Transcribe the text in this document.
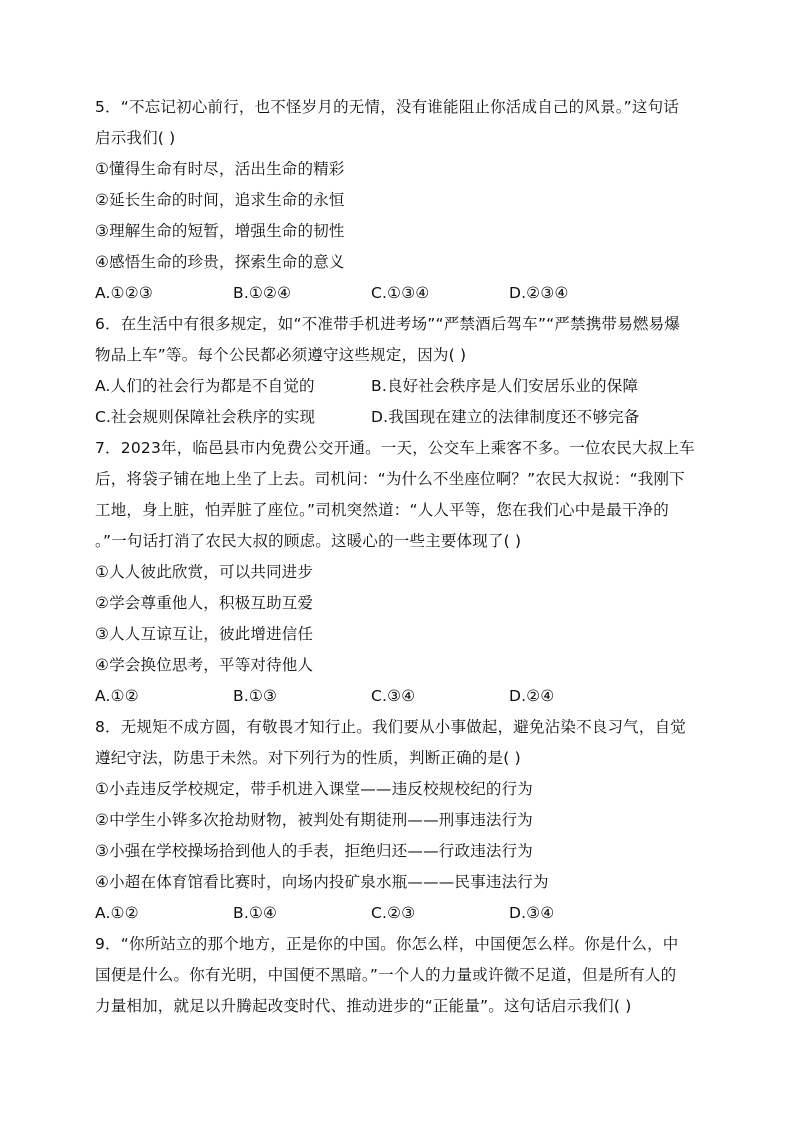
5．“不忘记初心前行，也不怪岁月的无情，没有谁能阻止你活成自己的风景。”这句话
启示我们( )
①懂得生命有时尽，活出生命的精彩
②延长生命的时间，追求生命的永恒
③理解生命的短暂，增强生命的韧性
④感悟生命的珍贵，探索生命的意义
A.①②③	B.①②④	C.①③④	D.②③④
6．在生活中有很多规定，如“不准带手机进考场”“严禁酒后驾车”“严禁携带易燃易爆
物品上车”等。每个公民都必须遵守这些规定，因为( )
A.人们的社会行为都是不自觉的	B.良好社会秩序是人们安居乐业的保障
C.社会规则保障社会秩序的实现	D.我国现在建立的法律制度还不够完备
7．2023年，临邑县市内免费公交开通。一天，公交车上乘客不多。一位农民大叔上车
后，将袋子铺在地上坐了上去。司机问：“为什么不坐座位啊？”农民大叔说：“我刚下
工地，身上脏，怕弄脏了座位。”司机突然道：“人人平等，您在我们心中是最干净的
。”一句话打消了农民大叔的顾虑。这暖心的一些主要体现了( )
①人人彼此欣赏，可以共同进步
②学会尊重他人，积极互助互爱
③人人互谅互让，彼此增进信任
④学会换位思考，平等对待他人
A.①②	B.①③	C.③④	D.②④
8．无规矩不成方圆，有敬畏才知行止。我们要从小事做起，避免沾染不良习气，自觉
遵纪守法，防患于未然。对下列行为的性质，判断正确的是( )
①小垚违反学校规定，带手机进入课堂——违反校规校纪的行为
②中学生小铧多次抢劫财物，被判处有期徒刑——刑事违法行为
③小强在学校操场拾到他人的手表，拒绝归还——行政违法行为
④小超在体育馆看比赛时，向场内投矿泉水瓶———民事违法行为
A.①②	B.①④	C.②③	D.③④
9．“你所站立的那个地方，正是你的中国。你怎么样，中国便怎么样。你是什么，中
国便是什么。你有光明，中国便不黑暗。”一个人的力量或许微不足道，但是所有人的
力量相加，就足以升腾起改变时代、推动进步的“正能量”。这句话启示我们( )
